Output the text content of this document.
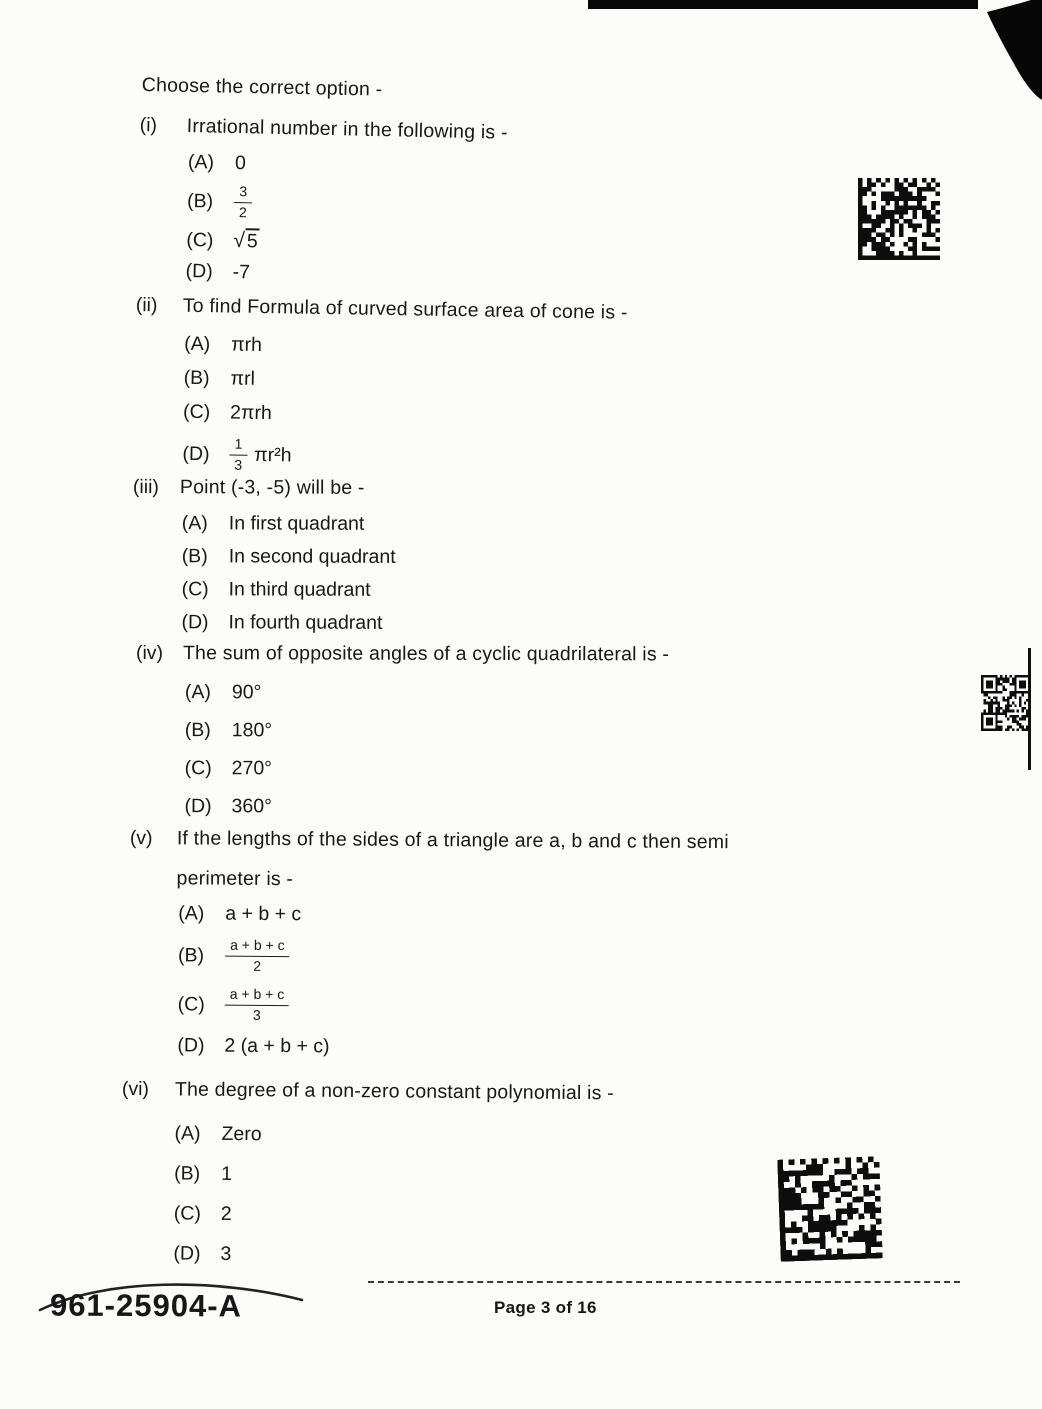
Choose the correct option -
(i)	Irrational number in the following is -
(A)	0
(B)	$\frac{3}{2}$
(C) √5
(D) -7
(ii)	To find Formula of curved surface area of cone is -
(A)	πrh
(B)	πrl
(C)	2πrh
(D)	$\frac{1}{3} \pi r^2h$
(iii)	Point (-3, -5) will be -
(A)	In first quadrant
(B)	In second quadrant
(C)	In third quadrant
(D)	In fourth quadrant
(iv)	The sum of opposite angles of a cyclic quadrilateral is -
(A)	90°
(B)	180°
(C)	270°
(D)	360°
(v)	If the lengths of the sides of a triangle are a, b and c then semi
perimeter is -
(A)	a + b + c
(B)	$\frac{a + b + c}{2}$
(C)	$\frac{a + b + c}{3}$
(D)	2 (a + b + c)
(vi)	The degree of a non-zero constant polynomial is -
(A)	Zero
(B)	1
(C)	2
(D)	3
961-25904-A	Page 3 of 16
